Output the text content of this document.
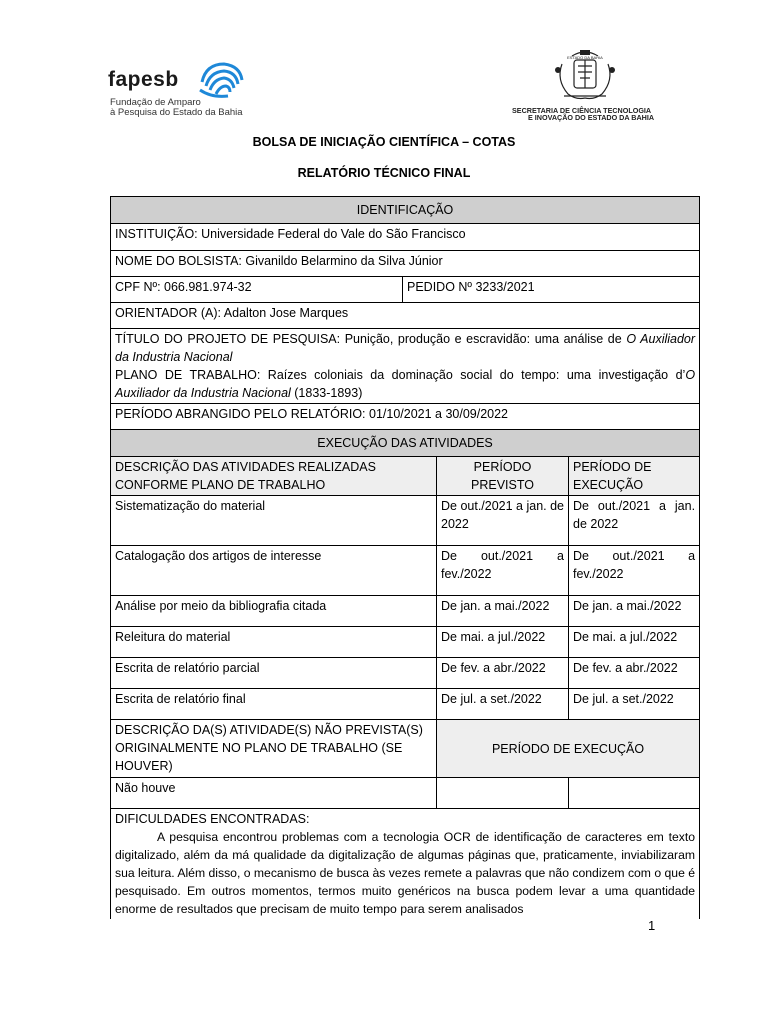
fapesb
Fundação de Amparo
à Pesquisa do Estado da Bahia
ESTADO DA BAHIA
SECRETARIA DE CIÊNCIA TECNOLOGIA
E INOVAÇÃO DO ESTADO DA BAHIA
BOLSA DE INICIAÇÃO CIENTÍFICA – COTAS
RELATÓRIO TÉCNICO FINAL
IDENTIFICAÇÃO			
INSTITUIÇÃO: Universidade Federal do Vale do São Francisco			
NOME DO BOLSISTA: Givanildo Belarmino da Silva Júnior			
CPF Nº: 066.981.974-32	PEDIDO Nº 3233/2021		
ORIENTADOR (A): Adalton Jose Marques			

TÍTULO DO PROJETO DE PESQUISA: Punição, produção e escravidão: uma análise de O Auxiliador da Industria Nacional
PLANO DE TRABALHO: Raízes coloniais da dominação social do tempo: uma investigação d’O Auxiliador da Industria Nacional (1833-1893)			

PERÍODO ABRANGIDO PELO RELATÓRIO: 01/10/2021 a 30/09/2022			
EXECUÇÃO DAS ATIVIDADES			
DESCRIÇÃO DAS ATIVIDADES REALIZADAS CONFORME PLANO DE TRABALHO		PERÍODO PREVISTO	PERÍODO DE EXECUÇÃO
Sistematização do material		De out./2021 a jan. de 2022	De out./2021 a jan. de 2022
Catalogação dos artigos de interesse		De out./2021 a fev./2022	De out./2021 a fev./2022
Análise por meio da bibliografia citada		De jan. a mai./2022	De jan. a mai./2022
Releitura do material		De mai. a jul./2022	De mai. a jul./2022
Escrita de relatório parcial		De fev. a abr./2022	De fev. a abr./2022
Escrita de relatório final		De jul. a set./2022	De jul. a set./2022
DESCRIÇÃO DA(S) ATIVIDADE(S) NÃO PREVISTA(S) ORIGINALMENTE NO PLANO DE TRABALHO (SE HOUVER)		PERÍODO DE EXECUÇÃO	
Não houve			

DIFICULDADES ENCONTRADAS:
A pesquisa encontrou problemas com a tecnologia OCR de identificação de caracteres em texto digitalizado, além da má qualidade da digitalização de algumas páginas que, praticamente, inviabilizaram sua leitura. Além disso, o mecanismo de busca às vezes remete a palavras que não condizem com o que é pesquisado. Em outros momentos, termos muito genéricos na busca podem levar a uma quantidade enorme de resultados que precisam de muito tempo para serem analisados			
1
